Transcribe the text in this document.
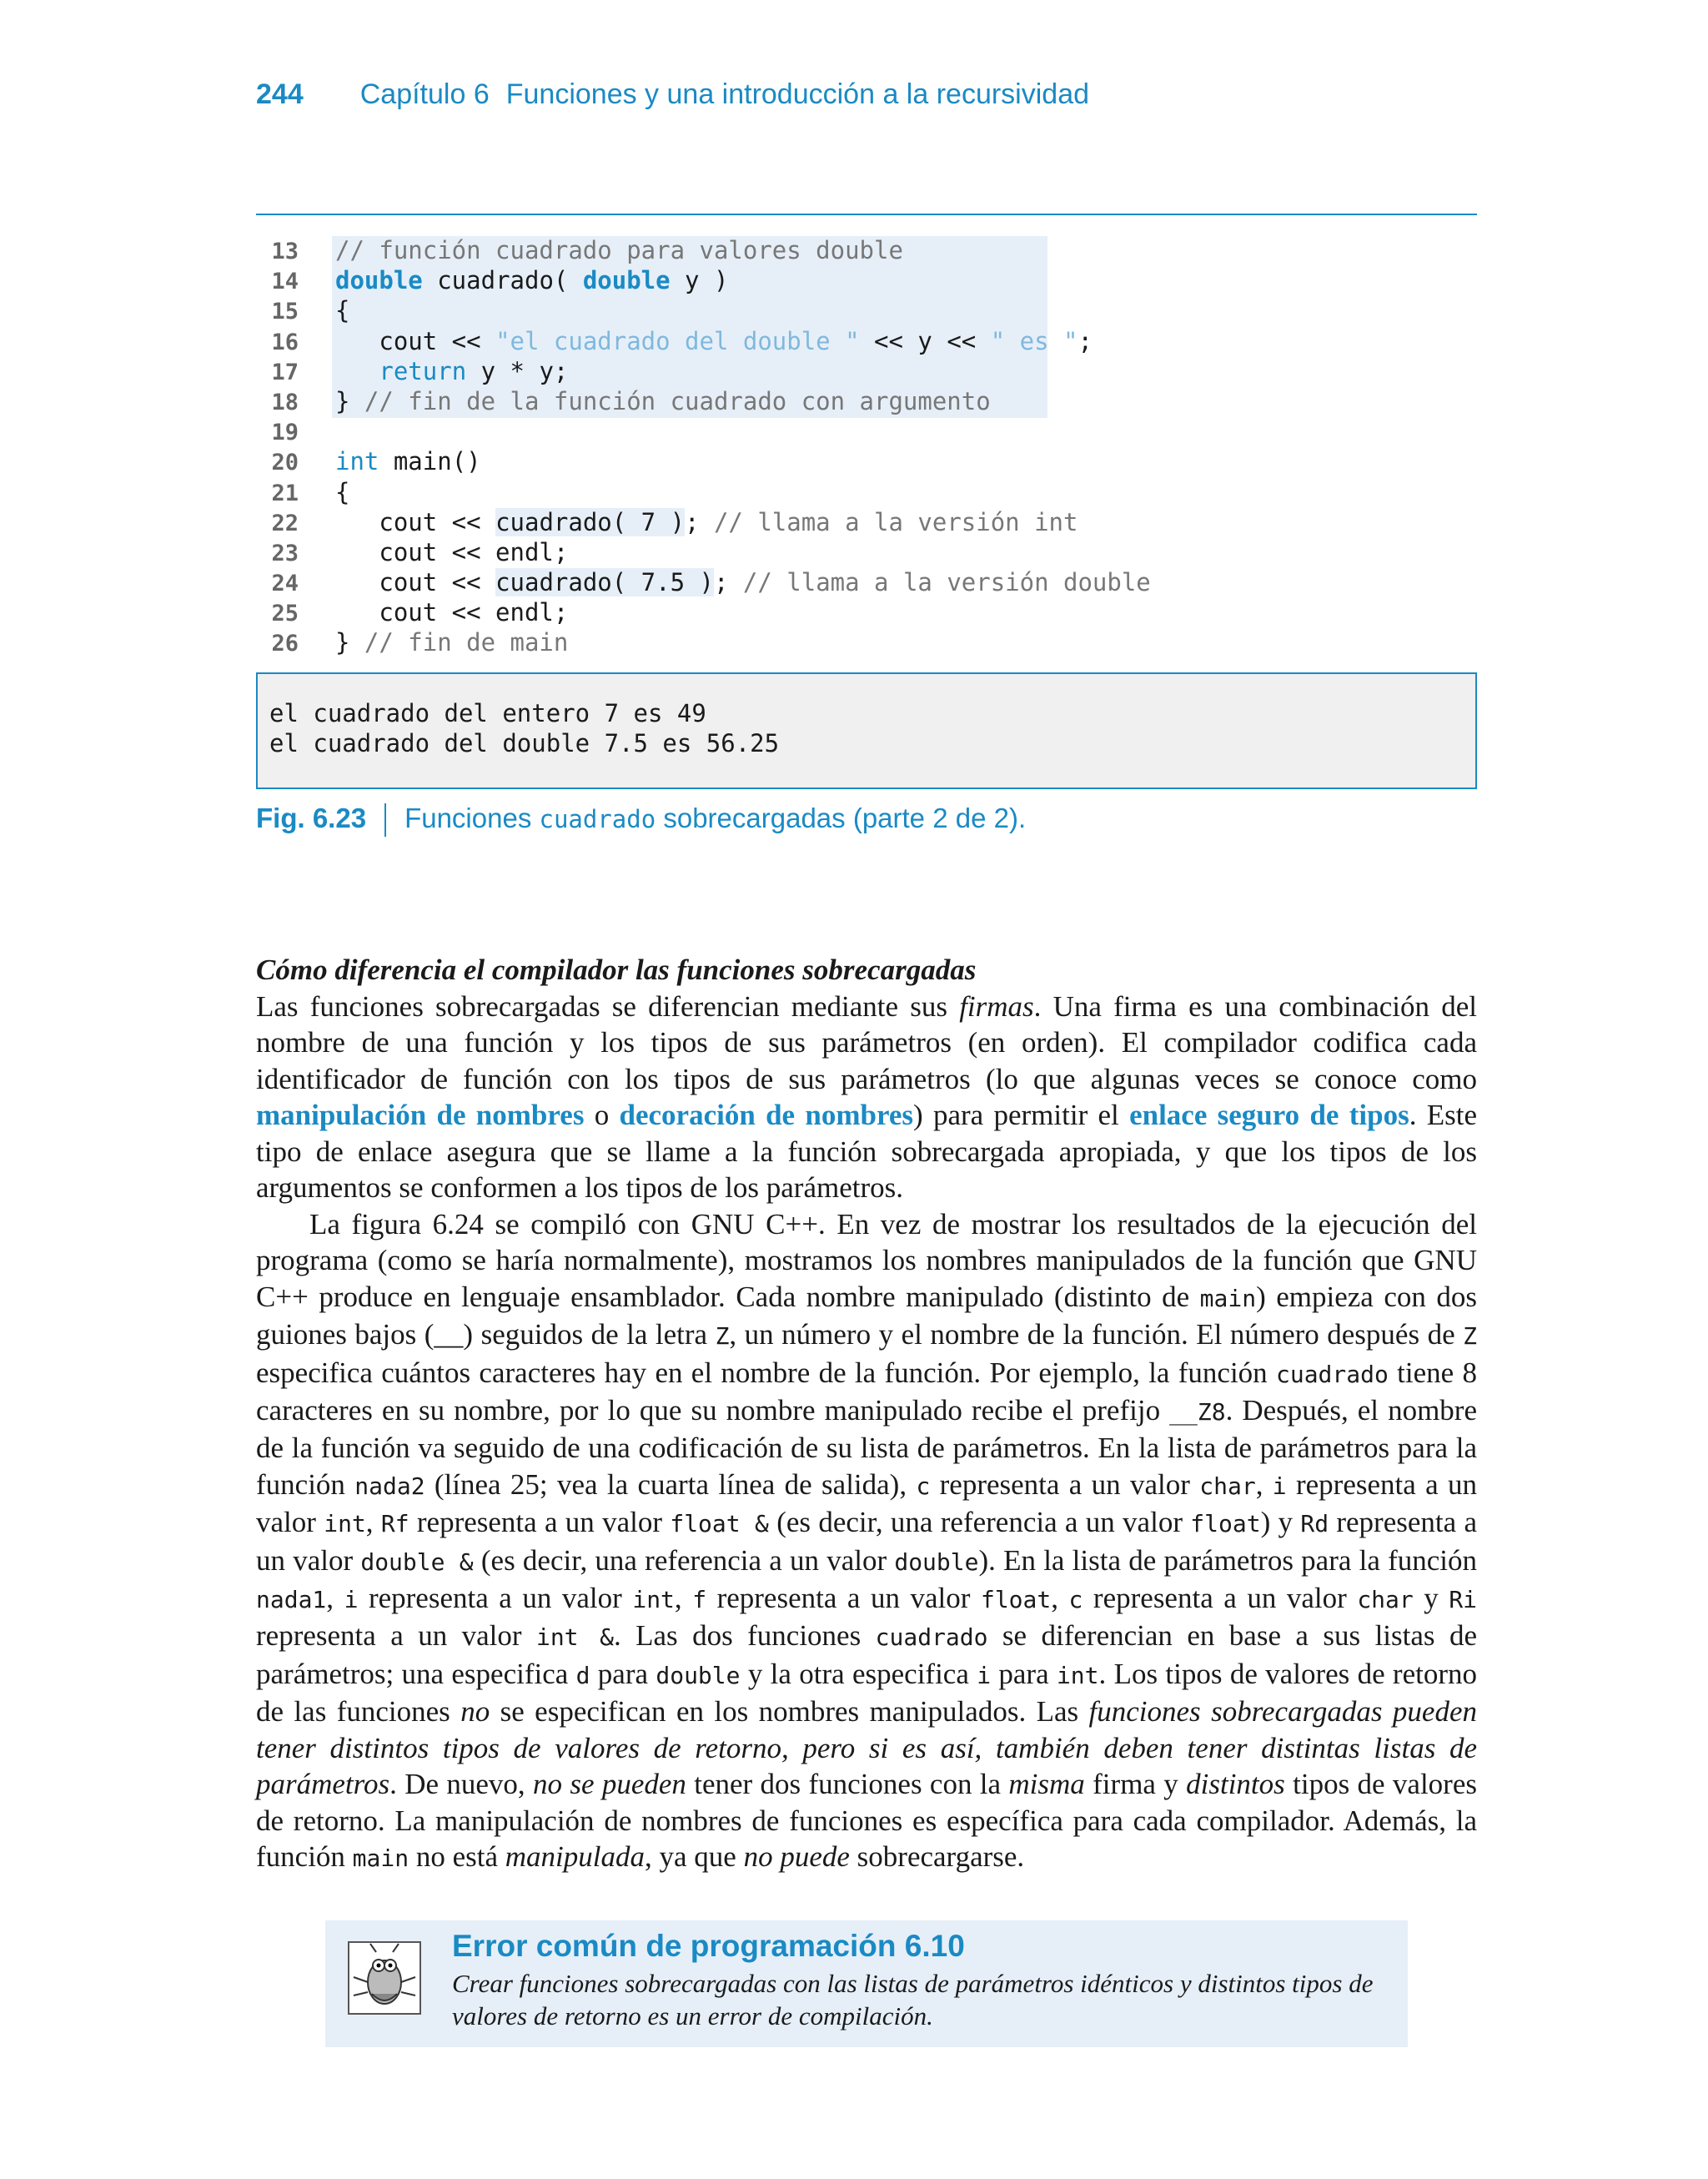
244 Capítulo 6 Funciones y una introducción a la recursividad
13 // función cuadrado para valores double
14 double cuadrado( double y )
15 {
16   cout << "el cuadrado del double " << y << " es ";
17	return y * y;
18 } // fin de la función cuadrado con argumento
19
20 int main()
21 {
22   cout << cuadrado( 7 ); // llama a la versión int
23   cout << endl;
24   cout << cuadrado( 7.5 ); // llama a la versión double
25   cout << endl;
26 } // fin de main
el cuadrado del entero 7 es 49
el cuadrado del double 7.5 es 56.25
Fig. 6.23 Funciones cuadrado sobrecargadas (parte 2 de 2).
Cómo diferencia el compilador las funciones sobrecargadas
Las funciones sobrecargadas se diferencian mediante sus firmas. Una firma es una combinación del nombre de una función y los tipos de sus parámetros (en orden). El compilador codifica cada identificador de función con los tipos de sus parámetros (lo que algunas veces se conoce como manipulación de nombres o decoración de nombres) para permitir el enlace seguro de tipos. Este tipo de enlace asegura que se llame a la función sobrecargada apropiada, y que los tipos de los argumentos se conformen a los tipos de los parámetros.
La figura 6.24 se compiló con GNU C++. En vez de mostrar los resultados de la ejecución del programa (como se haría normalmente), mostramos los nombres manipulados de la función que GNU C++ produce en lenguaje ensamblador. Cada nombre manipulado (distinto de main) empieza con dos guiones bajos (__) seguidos de la letra Z, un número y el nombre de la función. El número después de Z especifica cuántos caracteres hay en el nombre de la función. Por ejemplo, la función cuadrado tiene 8 caracteres en su nombre, por lo que su nombre manipulado recibe el prefijo __Z8. Después, el nombre de la función va seguido de una codificación de su lista de parámetros. En la lista de parámetros para la función nada2 (línea 25; vea la cuarta línea de salida), c representa a un valor char, i representa a un valor int, Rf representa a un valor float & (es decir, una referencia a un valor float) y Rd representa a un valor double & (es decir, una referencia a un valor double). En la lista de parámetros para la función nada1, i representa a un valor int, f representa a un valor float, c representa a un valor char y Ri representa a un valor int &. Las dos funciones cuadrado se diferencian en base a sus listas de parámetros; una especifica d para double y la otra especifica i para int. Los tipos de valores de retorno de las funciones no se especifican en los nombres manipulados. Las funciones sobrecargadas pueden tener distintos tipos de valores de retorno, pero si es así, también deben tener distintas listas de parámetros. De nuevo, no se pueden tener dos funciones con la misma firma y distintos tipos de valores de retorno. La manipulación de nombres de funciones es específica para cada compilador. Además, la función main no está manipulada, ya que no puede sobrecargarse.
Error común de programación 6.10
Crear funciones sobrecargadas con las listas de parámetros idénticos y distintos tipos de valores de retorno es un error de compilación.
